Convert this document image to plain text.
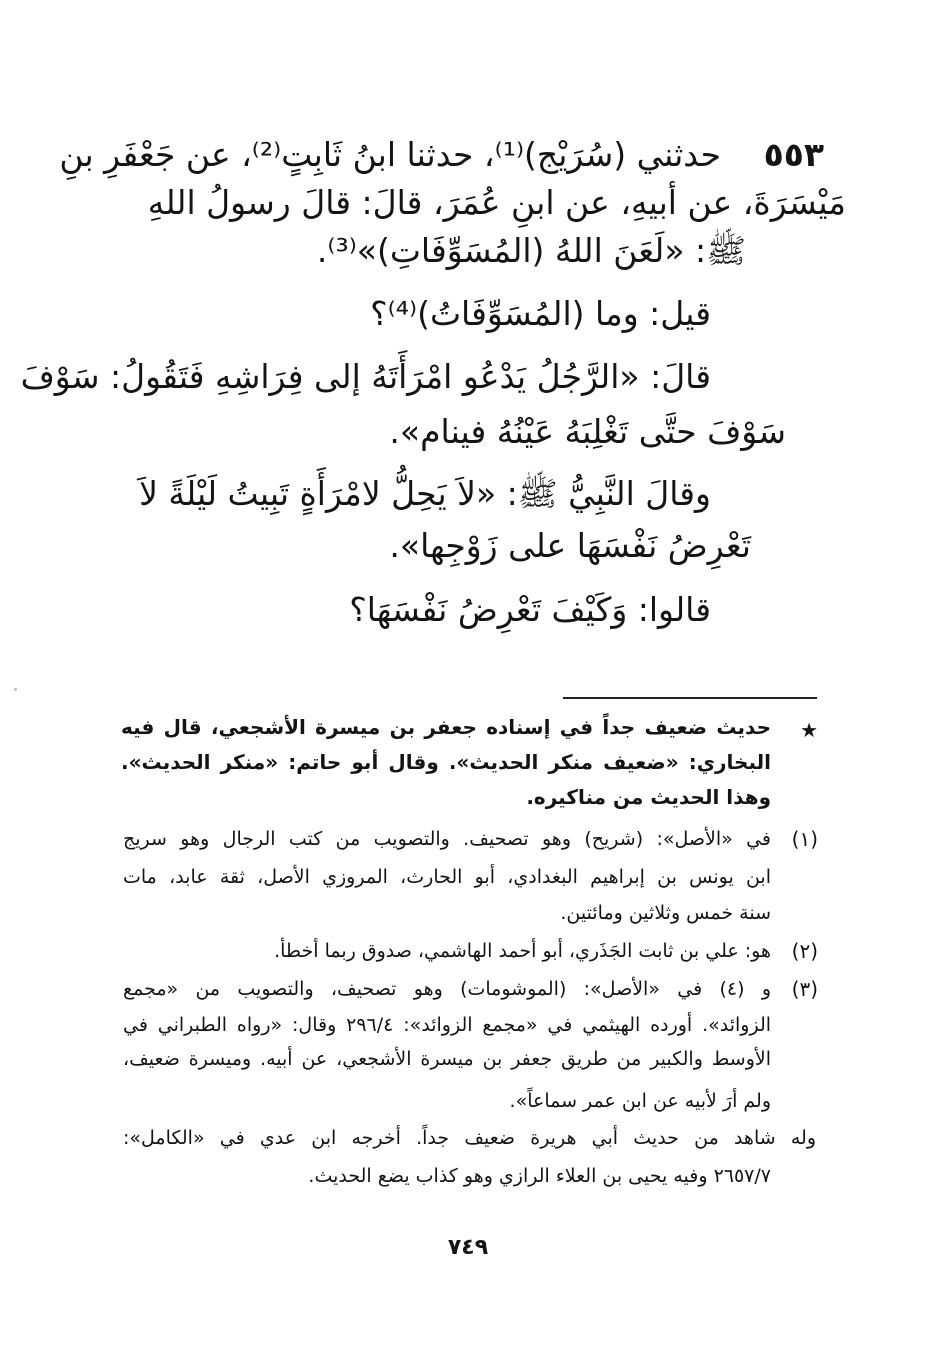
٥٥٣
حدثني (سُرَيْج)⁽¹⁾، حدثنا ابنُ ثَابِتٍ⁽²⁾، عن جَعْفَرِ بنِ
مَيْسَرَةَ، عن أبيهِ، عن ابنِ عُمَرَ، قالَ: قالَ رسولُ اللهِ
ﷺ: «لَعَنَ اللهُ (المُسَوِّفَاتِ)»⁽³⁾.
قيل: وما (المُسَوِّفَاتُ)⁽⁴⁾؟
قالَ: «الرَّجُلُ يَدْعُو امْرَأَتَهُ إلى فِرَاشِهِ فَتَقُولُ: سَوْفَ
سَوْفَ حتَّى تَغْلِبَهُ عَيْنُهُ فينام».
وقالَ النَّبِيُّ ﷺ: «لاَ يَحِلُّ لامْرَأَةٍ تَبِيتُ لَيْلَةً لاَ
تَعْرِضُ نَفْسَهَا على زَوْجِها».
قالوا: وَكَيْفَ تَعْرِضُ نَفْسَهَا؟
★
حديث ضعيف جداً في إسناده جعفر بن ميسرة الأشجعي، قال فيه
البخاري: «ضعيف منكر الحديث». وقال أبو حاتم: «منكر الحديث».
وهذا الحديث من مناكيره.
(١)
في «الأصل»: (شريح) وهو تصحيف. والتصويب من كتب الرجال وهو سريج
ابن يونس بن إبراهيم البغدادي، أبو الحارث، المروزي الأصل، ثقة عابد، مات
سنة خمس وثلاثين ومائتين.
(٢)
هو: علي بن ثابت الجَذَري، أبو أحمد الهاشمي، صدوق ربما أخطأ.
(٣)
و (٤) في «الأصل»: (الموشومات) وهو تصحيف، والتصويب من «مجمع
الزوائد». أورده الهيثمي في «مجمع الزوائد»: ٢٩٦/٤ وقال: «رواه الطبراني في
الأوسط والكبير من طريق جعفر بن ميسرة الأشجعي، عن أبيه. وميسرة ضعيف،
ولم أرَ لأبيه عن ابن عمر سماعاً».
وله شاهد من حديث أبي هريرة ضعيف جداً. أخرجه ابن عدي في «الكامل»:
٢٦٥٧/٧ وفيه يحيى بن العلاء الرازي وهو كذاب يضع الحديث.
٧٤٩
